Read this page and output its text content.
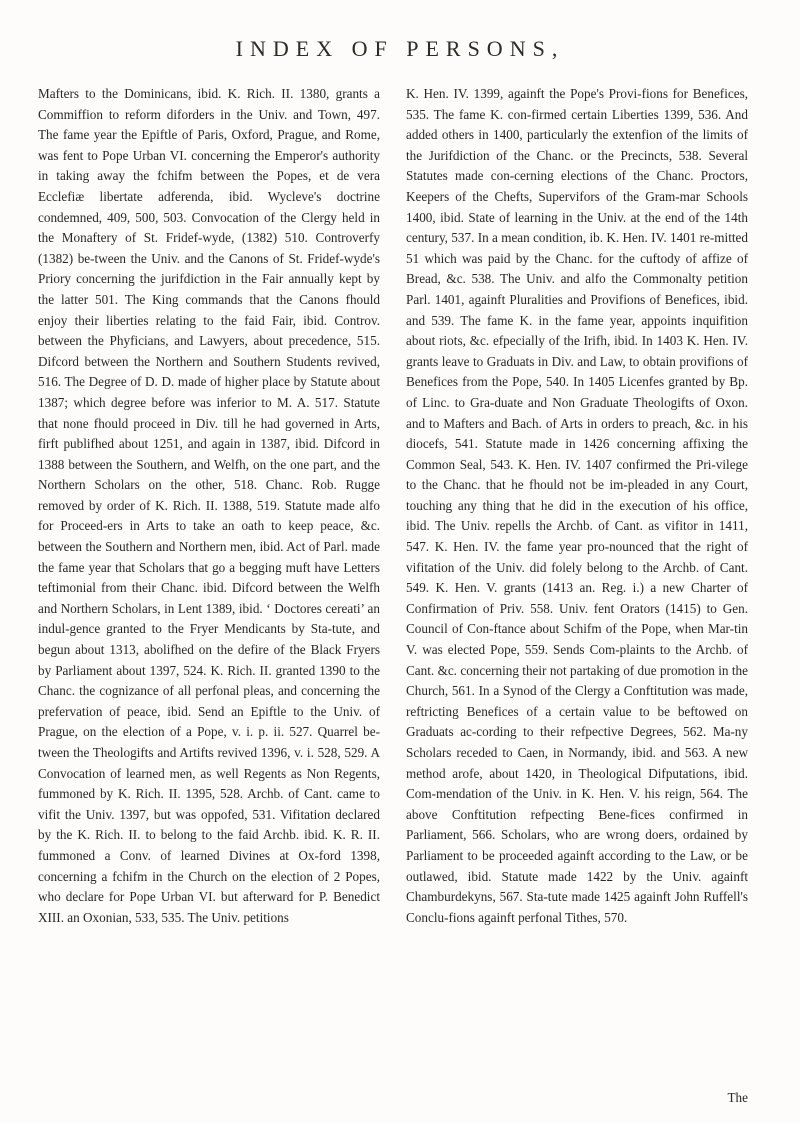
INDEX OF PERSONS,
Mafters to the Dominicans, ibid. K. Rich. II. 1380, grants a Commiffion to reform diforders in the Univ. and Town, 497. The fame year the Epiftle of Paris, Oxford, Prague, and Rome, was fent to Pope Urban VI. concerning the Emperor's authority in taking away the fchifm between the Popes, et de vera Ecclefiæ libertate adferenda, ibid. Wycleve's doctrine condemned, 409, 500, 503. Convocation of the Clergy held in the Monaftery of St. Fridef-wyde, (1382) 510. Controverfy (1382) be-tween the Univ. and the Canons of St. Fridef-wyde's Priory concerning the jurifdiction in the Fair annually kept by the latter 501. The King commands that the Canons fhould enjoy their liberties relating to the faid Fair, ibid. Controv. between the Phyficians, and Lawyers, about precedence, 515. Difcord between the Northern and Southern Students revived, 516. The Degree of D. D. made of higher place by Statute about 1387; which degree before was inferior to M. A. 517. Statute that none fhould proceed in Div. till he had governed in Arts, firft publifhed about 1251, and again in 1387, ibid. Difcord in 1388 between the Southern, and Welfh, on the one part, and the Northern Scholars on the other, 518. Chanc. Rob. Rugge removed by order of K. Rich. II. 1388, 519. Statute made alfo for Proceed-ers in Arts to take an oath to keep peace, &c. between the Southern and Northern men, ibid. Act of Parl. made the fame year that Scholars that go a begging muft have Letters teftimonial from their Chanc. ibid. Difcord between the Welfh and Northern Scholars, in Lent 1389, ibid. ‘ Doctores cereati’ an indul-gence granted to the Fryer Mendicants by Sta-tute, and begun about 1313, abolifhed on the defire of the Black Fryers by Parliament about 1397, 524. K. Rich. II. granted 1390 to the Chanc. the cognizance of all perfonal pleas, and concerning the prefervation of peace, ibid. Send an Epiftle to the Univ. of Prague, on the election of a Pope, v. i. p. ii. 527. Quarrel be-tween the Theologifts and Artifts revived 1396, v. i. 528, 529. A Convocation of learned men, as well Regents as Non Regents, fummoned by K. Rich. II. 1395, 528. Archb. of Cant. came to vifit the Univ. 1397, but was oppofed, 531. Vifitation declared by the K. Rich. II. to belong to the faid Archb. ibid. K. R. II. fummoned a Conv. of learned Divines at Ox-ford 1398, concerning a fchifm in the Church on the election of 2 Popes, who declare for Pope Urban VI. but afterward for P. Benedict XIII. an Oxonian, 533, 535. The Univ. petitions
K. Hen. IV. 1399, againft the Pope's Provi-fions for Benefices, 535. The fame K. con-firmed certain Liberties 1399, 536. And added others in 1400, particularly the extenfion of the limits of the Jurifdiction of the Chanc. or the Precincts, 538. Several Statutes made con-cerning elections of the Chanc. Proctors, Keepers of the Chefts, Supervifors of the Gram-mar Schools 1400, ibid. State of learning in the Univ. at the end of the 14th century, 537. In a mean condition, ib. K. Hen. IV. 1401 re-mitted 51 which was paid by the Chanc. for the cuftody of affize of Bread, &c. 538. The Univ. and alfo the Commonalty petition Parl. 1401, againft Pluralities and Provifions of Benefices, ibid. and 539. The fame K. in the fame year, appoints inquifition about riots, &c. efpecially of the Irifh, ibid. In 1403 K. Hen. IV. grants leave to Graduats in Div. and Law, to obtain provifions of Benefices from the Pope, 540. In 1405 Licenfes granted by Bp. of Linc. to Gra-duate and Non Graduate Theologifts of Oxon. and to Mafters and Bach. of Arts in orders to preach, &c. in his diocefs, 541. Statute made in 1426 concerning affixing the Common Seal, 543. K. Hen. IV. 1407 confirmed the Pri-vilege to the Chanc. that he fhould not be im-pleaded in any Court, touching any thing that he did in the execution of his office, ibid. The Univ. repells the Archb. of Cant. as vifitor in 1411, 547. K. Hen. IV. the fame year pro-nounced that the right of vifitation of the Univ. did folely belong to the Archb. of Cant. 549. K. Hen. V. grants (1413 an. Reg. i.) a new Charter of Confirmation of Priv. 558. Univ. fent Orators (1415) to Gen. Council of Con-ftance about Schifm of the Pope, when Mar-tin V. was elected Pope, 559. Sends Com-plaints to the Archb. of Cant. &c. concerning their not partaking of due promotion in the Church, 561. In a Synod of the Clergy a Conftitution was made, reftricting Benefices of a certain value to be beftowed on Graduats ac-cording to their refpective Degrees, 562. Ma-ny Scholars receded to Caen, in Normandy, ibid. and 563. A new method arofe, about 1420, in Theological Difputations, ibid. Com-mendation of the Univ. in K. Hen. V. his reign, 564. The above Conftitution refpecting Bene-fices confirmed in Parliament, 566. Scholars, who are wrong doers, ordained by Parliament to be proceeded againft according to the Law, or be outlawed, ibid. Statute made 1422 by the Univ. againft Chamburdekyns, 567. Sta-tute made 1425 againft John Ruffell's Conclu-fions againft perfonal Tithes, 570.
The
